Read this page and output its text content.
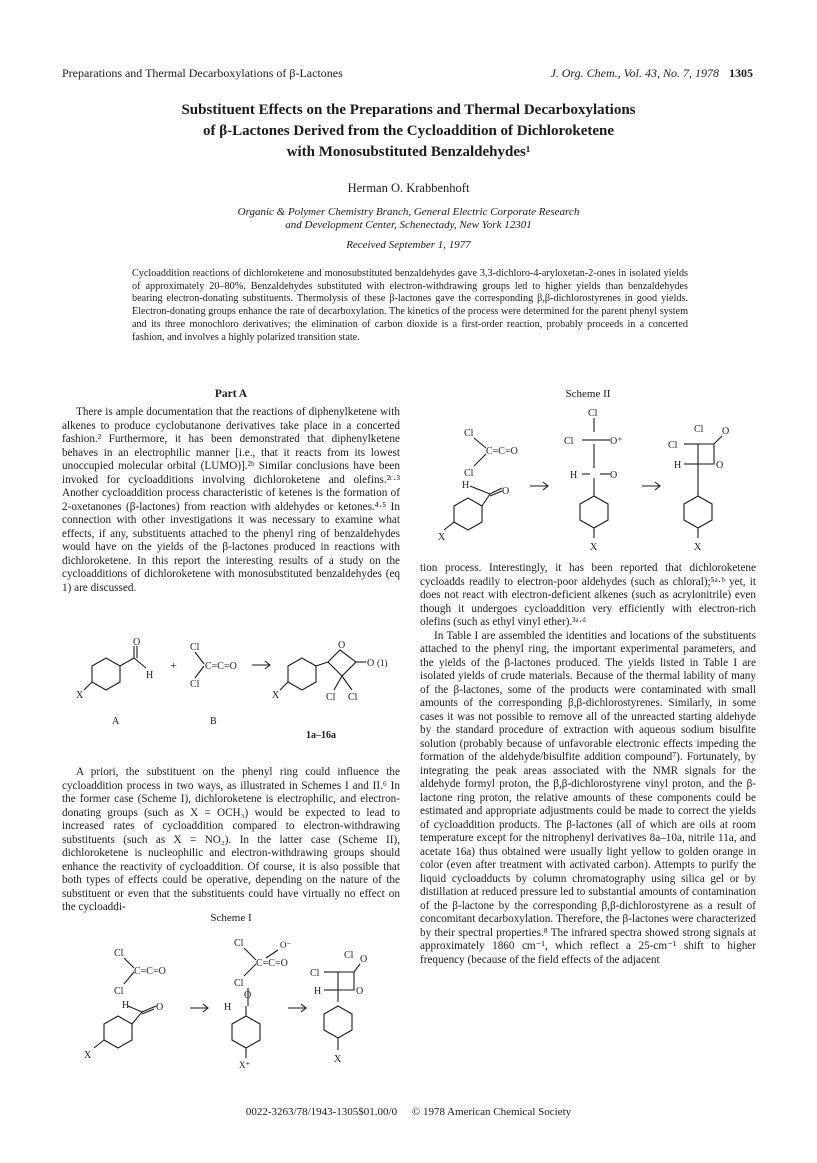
Preparations and Thermal Decarboxylations of β-Lactones	J. Org. Chem., Vol. 43, No. 7, 1978 1305
Substituent Effects on the Preparations and Thermal Decarboxylations
of β-Lactones Derived from the Cycloaddition of Dichloroketene
with Monosubstituted Benzaldehydes¹
Herman O. Krabbenhoft
Organic & Polymer Chemistry Branch, General Electric Corporate Research
and Development Center, Schenectady, New York 12301
Received September 1, 1977
Cycloaddition reactions of dichloroketene and monosubstituted benzaldehydes gave 3,3-dichloro-4-aryloxetan-2-ones in isolated yields of approximately 20–80%. Benzaldehydes substituted with electron-withdrawing groups led to higher yields than benzaldehydes bearing electron-donating substituents. Thermolysis of these β-lactones gave the corresponding β,β-dichlorostyrenes in good yields. Electron-donating groups enhance the rate of decarboxylation. The kinetics of the process were determined for the parent phenyl system and its three monochloro derivatives; the elimination of carbon dioxide is a first-order reaction, probably proceeds in a concerted fashion, and involves a highly polarized transition state.
Part A

There is ample documentation that the reactions of diphenylketene with alkenes to produce cyclobutanone derivatives take place in a concerted fashion.² Furthermore, it has been demonstrated that diphenylketene behaves in an electrophilic manner [i.e., that it reacts from its lowest unoccupied molecular orbital (LUMO)].²ᵇ Similar conclusions have been invoked for cycloadditions involving dichloroketene and olefins.²ᶜ·³ Another cycloaddition process characteristic of ketenes is the formation of 2-oxetanones (β-lactones) from reaction with aldehydes or ketones.⁴·⁵ In connection with other investigations it was necessary to examine what effects, if any, substituents attached to the phenyl ring of benzaldehydes would have on the yields of the β-lactones produced in reactions with dichloroketene. In this report the interesting results of a study on the cycloadditions of dichloroketene with monosubstituted benzaldehydes (eq 1) are discussed.

O
H
X
+
Cl
Cl
C=C=O
O
O (1)
X	Cl Cl
A	B
1a–16a

A priori, the substituent on the phenyl ring could influence the cycloaddition process in two ways, as illustrated in Schemes I and II.⁶ In the former case (Scheme I), dichloroketene is electrophilic, and electron-donating groups (such as X = OCH₃) would be expected to lead to increased rates of cycloaddition compared to electron-withdrawing substituents (such as X = NO₂). In the latter case (Scheme II), dichloroketene is nucleophilic and electron-withdrawing groups should enhance the reactivity of cycloaddition. Of course, it is also possible that both types of effects could be operative, depending on the nature of the substituent or even that the substituents could have virtually no effect on the cycloaddi-

Scheme I
Cl
Cl
C=C=O
H	O
X
Cl
Cl
C=C=O
O⁻
H
O
X⁺
Cl O
Cl
H	O
X
Scheme II
Cl
Cl
C=C=O
H
O
X
Cl
Cl	O⁺
H	O
X
Cl O
Cl
H	O
X

tion process. Interestingly, it has been reported that dichloroketene cycloadds readily to electron-poor aldehydes (such as chloral);⁵ᵃ·ᵇ yet, it does not react with electron-deficient alkenes (such as acrylonitrile) even though it undergoes cycloaddition very efficiently with electron-rich olefins (such as ethyl vinyl ether).³ᵃ·ᵈ

In Table I are assembled the identities and locations of the substituents attached to the phenyl ring, the important experimental parameters, and the yields of the β-lactones produced. The yields listed in Table I are isolated yields of crude materials. Because of the thermal lability of many of the β-lactones, some of the products were contaminated with small amounts of the corresponding β,β-dichlorostyrenes. Similarly, in some cases it was not possible to remove all of the unreacted starting aldehyde by the standard procedure of extraction with aqueous sodium bisulfite solution (probably because of unfavorable electronic effects impeding the formation of the aldehyde/bisulfite addition compound⁷). Fortunately, by integrating the peak areas associated with the NMR signals for the aldehyde formyl proton, the β,β-dichlorostyrene vinyl proton, and the β-lactone ring proton, the relative amounts of these components could be estimated and appropriate adjustments could be made to correct the yields of cycloaddition products. The β-lactones (all of which are oils at room temperature except for the nitrophenyl derivatives 8a–10a, nitrile 11a, and acetate 16a) thus obtained were usually light yellow to golden orange in color (even after treatment with activated carbon). Attempts to purify the liquid cycloadducts by column chromatography using silica gel or by distillation at reduced pressure led to substantial amounts of contamination of the β-lactone by the corresponding β,β-dichlorostyrene as a result of concomitant decarboxylation. Therefore, the β-lactones were characterized by their spectral properties.⁸ The infrared spectra showed strong signals at approximately 1860 cm⁻¹, which reflect a 25-cm⁻¹ shift to higher frequency (because of the field effects of the adjacent

0022-3263/78/1943-1305$01.00/0 © 1978 American Chemical Society
